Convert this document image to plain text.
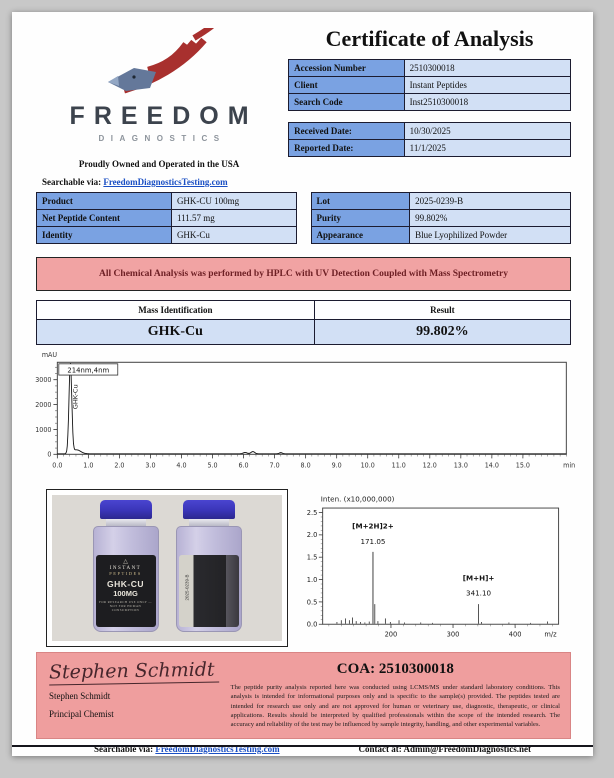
FREEDOM
DIAGNOSTICS
Proudly Owned and Operated in the USA
Searchable via: FreedomDiagnosticsTesting.com
Certificate of Analysis
Accession Number	2510300018
Client	Instant Peptides
Search Code	Inst2510300018
Received Date:	10/30/2025
Reported Date:	11/1/2025
Product	GHK-CU 100mg
Net Peptide Content	111.57 mg
Identity	GHK-Cu
Lot	2025-0239-B
Purity	99.802%
Appearance	Blue Lyophilized Powder
All Chemical Analysis was performed by HPLC with UV Detection Coupled with Mass Spectrometry
Mass Identification	Result
GHK-Cu	99.802%
mAU
0
1000
2000
3000
0.0	1.0	2.0	3.0	4.0	5.0	6.0	7.0	8.0	9.0	10.0	11.0	12.0	13.0	14.0	15.0	min
214nm,4nm
GHK-Cu
△
INSTANT
PEPTIDES
GHK-CU
100MG
FOR RESEARCH USE ONLY — NOT FOR HUMAN CONSUMPTION
2025-0239-B
Inten. (x10,000,000)
0.0
0.5
1.0
1.5
2.0
2.5
200	300	400	m/z
[M+2H]2+
171.05
[M+H]+
341.10
Stephen Schmidt
Stephen Schmidt
Principal Chemist
COA: 2510300018
The peptide purity analysis reported here was conducted using LCMS/MS under standard laboratory conditions. This analysis is intended for informational purposes only and is specific to the sample(s) provided. The peptides tested are intended for research use only and are not approved for human or veterinary use, diagnostic, therapeutic, or clinical applications. Results should be interpreted by qualified professionals within the scope of the intended research. The accuracy and reliability of the test may be influenced by sample integrity, handling, and other experimental variables.
Searchable via: FreedomDiagnosticsTesting.com	Contact at: Admin@FreedomDiagnostics.net
